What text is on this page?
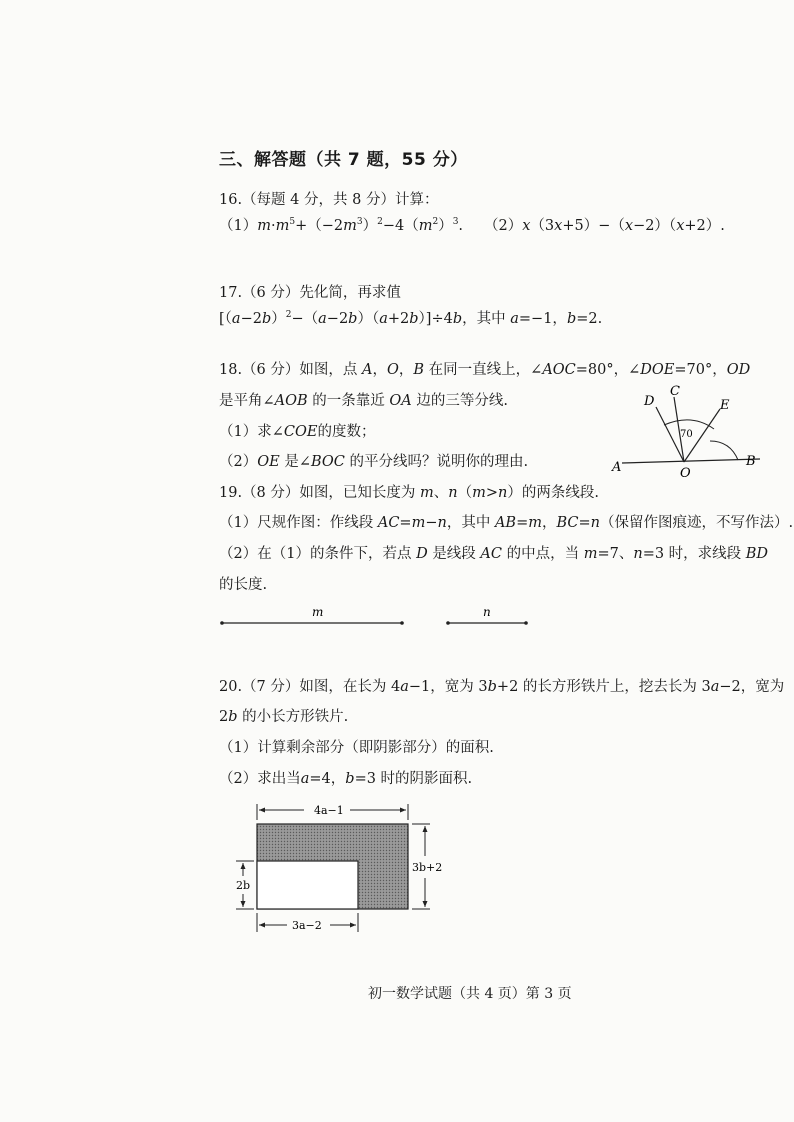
三、解答题（共 7 题，55 分）
16.（每题 4 分，共 8 分）计算：
$(1)m\cdot m^5+(-2m^3)^2-4(m^2)^3$. （2）x（3x+5）−（x−2）（x+2）.
17.（6 分）先化简，再求值
$[(a-2b)^2-(a-2b)(a+2b)]\div 4b$，其中 a=−1，b=2.
18.（6 分）如图，点 A，O，B 在同一直线上，∠AOC=80°，∠DOE=70°，OD
是平角∠AOB 的一条靠近 OA 边的三等分线.
（1）求∠COE的度数；
（2）OE 是∠BOC 的平分线吗？说明你的理由.
70
D
C
E
A	O
B
19.（8 分）如图，已知长度为 m、n（m>n）的两条线段.
（1）尺规作图：作线段 AC=m−n，其中 AB=m，BC=n（保留作图痕迹，不写作法）.
（2）在（1）的条件下，若点 D 是线段 AC 的中点，当 m=7、n=3 时，求线段 BD
的长度.
m	n
20.（7 分）如图，在长为 4a−1，宽为 3b+2 的长方形铁片上，挖去长为 3a−2，宽为
2b 的小长方形铁片.
（1）计算剩余部分（即阴影部分）的面积.
（2）求出当a=4，b=3 时的阴影面积.
4a−1
3b+2
2b
3a−2
初一数学试题（共 4 页）第 3 页
